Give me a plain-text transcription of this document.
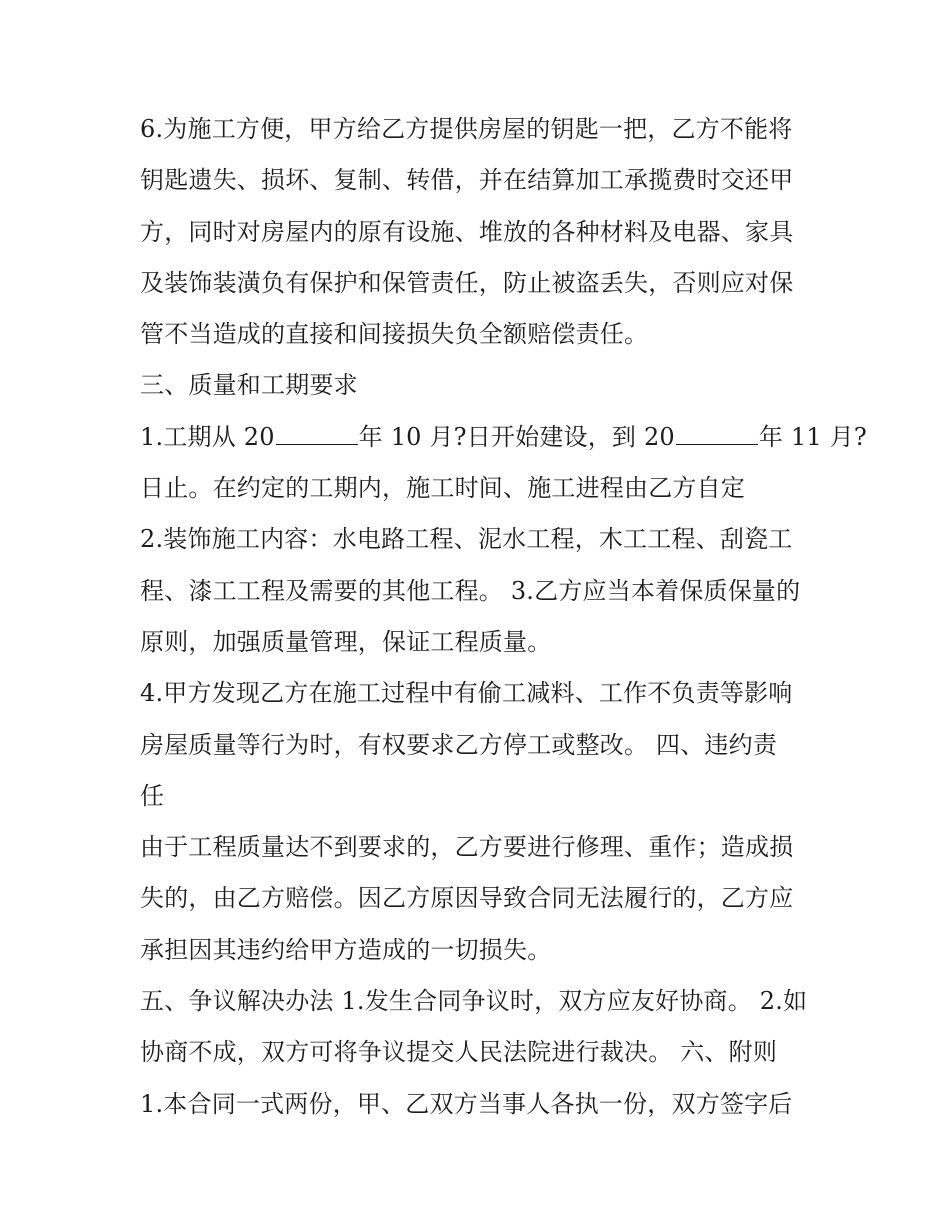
6.为施工方便，甲方给乙方提供房屋的钥匙一把，乙方不能将
钥匙遗失、损坏、复制、转借，并在结算加工承揽费时交还甲
方，同时对房屋内的原有设施、堆放的各种材料及电器、家具
及装饰装潢负有保护和保管责任，防止被盗丢失，否则应对保
管不当造成的直接和间接损失负全额赔偿责任。
三、质量和工期要求
1.工期从 20	年 10 月?日开始建设，到 20	年 11 月?
日止。在约定的工期内，施工时间、施工进程由乙方自定
2.装饰施工内容：水电路工程、泥水工程，木工工程、刮瓷工
程、漆工工程及需要的其他工程。 3.乙方应当本着保质保量的
原则，加强质量管理，保证工程质量。
4.甲方发现乙方在施工过程中有偷工减料、工作不负责等影响
房屋质量等行为时，有权要求乙方停工或整改。 四、违约责
任
由于工程质量达不到要求的，乙方要进行修理、重作；造成损
失的，由乙方赔偿。因乙方原因导致合同无法履行的，乙方应
承担因其违约给甲方造成的一切损失。
五、争议解决办法 1.发生合同争议时，双方应友好协商。 2.如
协商不成，双方可将争议提交人民法院进行裁决。 六、附则
1.本合同一式两份，甲、乙双方当事人各执一份，双方签字后
